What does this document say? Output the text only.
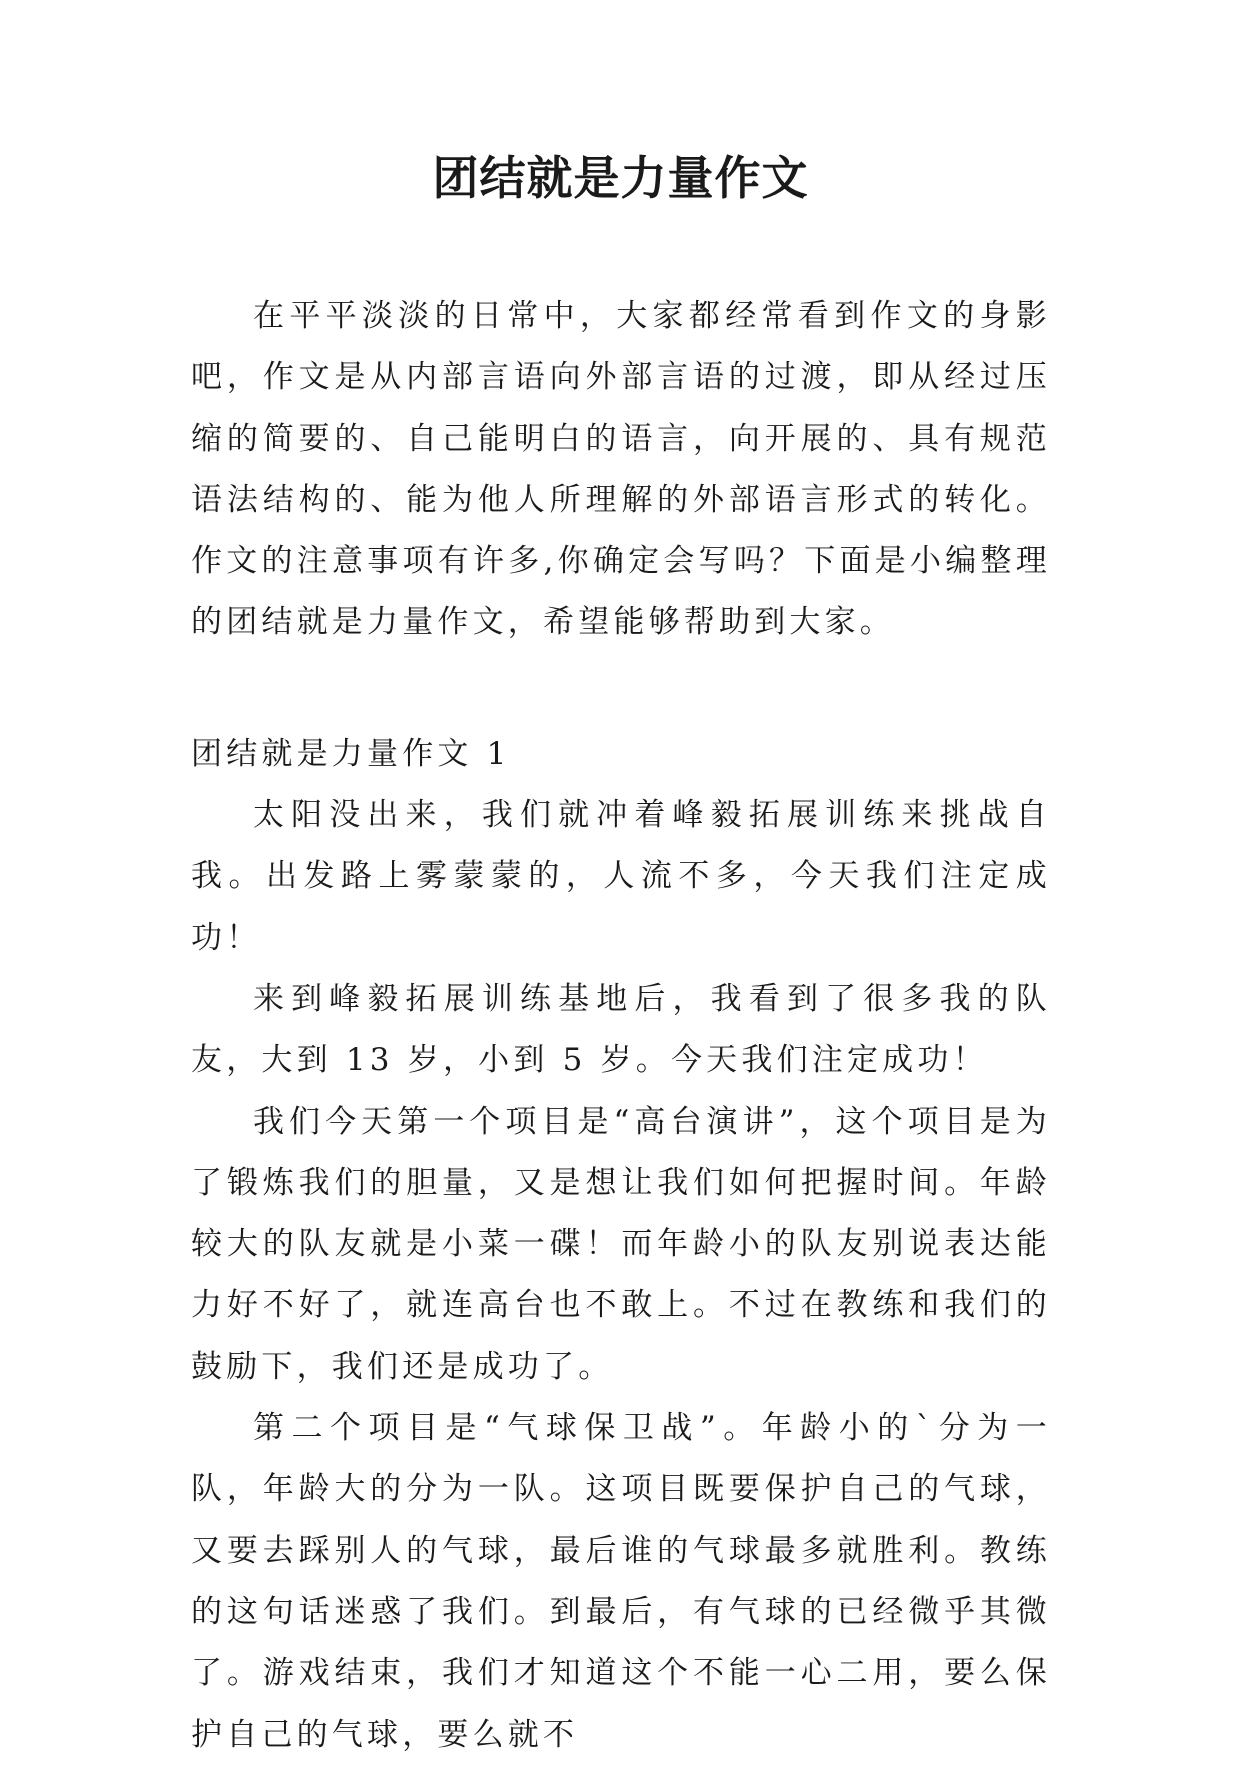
团结就是力量作文

在平平淡淡的日常中，大家都经常看到作文的身影吧，作文是从内部言语向外部言语的过渡，即从经过压缩的简要的、自己能明白的语言，向开展的、具有规范语法结构的、能为他人所理解的外部语言形式的转化。作文的注意事项有许多,你确定会写吗？下面是小编整理的团结就是力量作文，希望能够帮助到大家。

团结就是力量作文 1

太阳没出来，我们就冲着峰毅拓展训练来挑战自我。出发路上雾蒙蒙的，人流不多，今天我们注定成功！

来到峰毅拓展训练基地后，我看到了很多我的队友，大到 13 岁，小到 5 岁。今天我们注定成功！

我们今天第一个项目是“高台演讲”，这个项目是为了锻炼我们的胆量，又是想让我们如何把握时间。年龄较大的队友就是小菜一碟！而年龄小的队友别说表达能力好不好了，就连高台也不敢上。不过在教练和我们的鼓励下，我们还是成功了。

第二个项目是“气球保卫战”。年龄小的`分为一队，年龄大的分为一队。这项目既要保护自己的气球，又要去踩别人的气球，最后谁的气球最多就胜利。教练的这句话迷惑了我们。到最后，有气球的已经微乎其微了。游戏结束，我们才知道这个不能一心二用，要么保护自己的气球，要么就不
